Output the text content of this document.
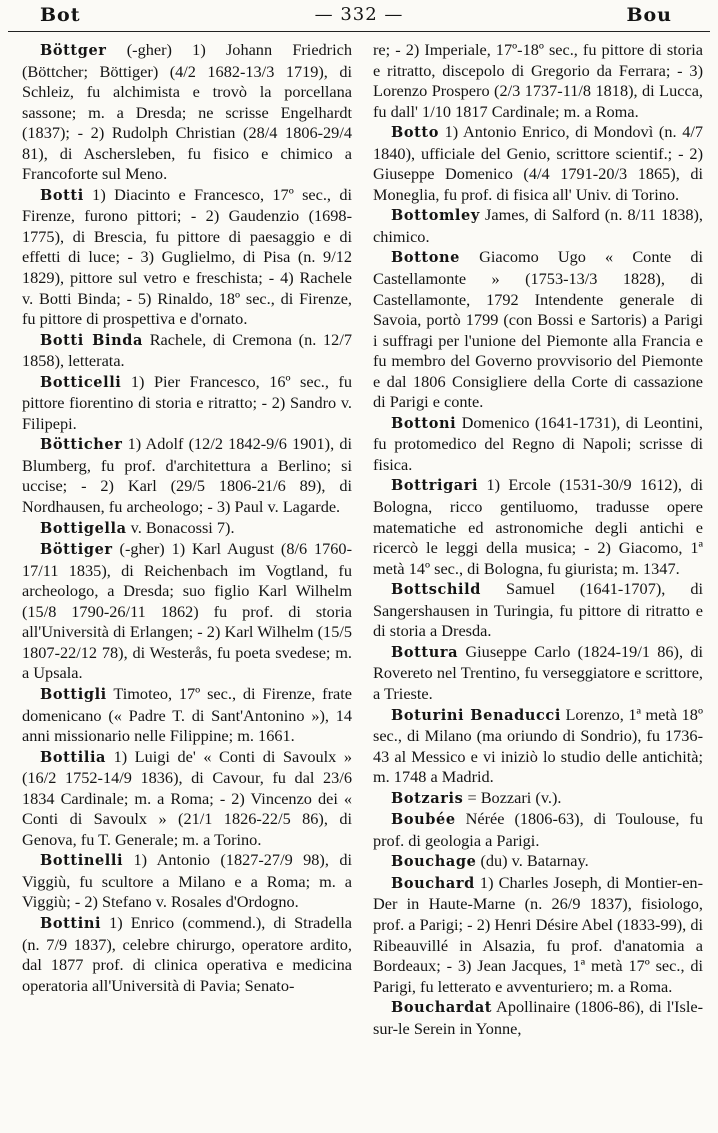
Bot	— 332 —	Bou

Böttger (-gher) 1) Johann Friedrich (Böttcher; Böttiger) (4/2 1682-13/3 1719), di Schleiz, fu alchimista e trovò la porcellana sassone; m. a Dresda; ne scrisse Engelhardt (1837); - 2) Rudolph Christian (28/4 1806-29/4 81), di Aschersleben, fu fisico e chimico a Francoforte sul Meno.

Botti 1) Diacinto e Francesco, 17º sec., di Firenze, furono pittori; - 2) Gaudenzio (1698-1775), di Brescia, fu pittore di paesaggio e di effetti di luce; - 3) Guglielmo, di Pisa (n. 9/12 1829), pittore sul vetro e freschista; - 4) Rachele v. Botti Binda; - 5) Rinaldo, 18º sec., di Firenze, fu pittore di prospettiva e d'ornato.

Botti Binda Rachele, di Cremona (n. 12/7 1858), letterata.

Botticelli 1) Pier Francesco, 16º sec., fu pittore fiorentino di storia e ritratto; - 2) Sandro v. Filipepi.

Böttichеr 1) Adolf (12/2 1842-9/6 1901), di Blumberg, fu prof. d'architettura a Berlino; si uccise; - 2) Karl (29/5 1806-21/6 89), di Nordhausen, fu archeologo; - 3) Paul v. Lagarde.

Bottigella v. Bonacossi 7).

Böttiger (-gher) 1) Karl August (8/6 1760-17/11 1835), di Reichenbach im Vogtland, fu archeologo, a Dresda; suo figlio Karl Wilhelm (15/8 1790-26/11 1862) fu prof. di storia all'Università di Erlangen; - 2) Karl Wilhelm (15/5 1807-22/12 78), di Westerås, fu poeta svedese; m. a Upsala.

Bottigli Timoteo, 17º sec., di Firenze, frate domenicano (« Padre T. di Sant'Antonino »), 14 anni missionario nelle Filippine; m. 1661.

Bottilia 1) Luigi de' « Conti di Savoulx » (16/2 1752-14/9 1836), di Cavour, fu dal 23/6 1834 Cardinale; m. a Roma; - 2) Vincenzo dei « Conti di Savoulx » (21/1 1826-22/5 86), di Genova, fu T. Generale; m. a Torino.

Bottinelli 1) Antonio (1827-27/9 98), di Viggiù, fu scultore a Milano e a Roma; m. a Viggiù; - 2) Stefano v. Rosales d'Ordogno.

Bottini 1) Enrico (commend.), di Stradella (n. 7/9 1837), celebre chirurgo, operatore ardito, dal 1877 prof. di clinica operativa e medicina operatoria all'Università di Pavia; Senato-

re; - 2) Imperiale, 17º-18º sec., fu pittore di storia e ritratto, discepolo di Gregorio da Ferrara; - 3) Lorenzo Prospero (2/3 1737-11/8 1818), di Lucca, fu dall' 1/10 1817 Cardinale; m. a Roma.

Botto 1) Antonio Enrico, di Mondovì (n. 4/7 1840), ufficiale del Genio, scrittore scientif.; - 2) Giuseppe Domenico (4/4 1791-20/3 1865), di Moneglia, fu prof. di fisica all' Univ. di Torino.

Bottomley James, di Salford (n. 8/11 1838), chimico.

Bottone Giacomo Ugo « Conte di Castellamonte » (1753-13/3 1828), di Castellamonte, 1792 Intendente generale di Savoia, portò 1799 (con Bossi e Sartoris) a Parigi i suffragi per l'unione del Piemonte alla Francia e fu membro del Governo provvisorio del Piemonte e dal 1806 Consigliere della Corte di cassazione di Parigi e conte.

Bottoni Domenico (1641-1731), di Leontini, fu protomedico del Regno di Napoli; scrisse di fisica.

Bottrigari 1) Ercole (1531-30/9 1612), di Bologna, ricco gentiluomo, tradusse opere matematiche ed astronomiche degli antichi e ricercò le leggi della musica; - 2) Giacomo, 1ª metà 14º sec., di Bologna, fu giurista; m. 1347.

Bottschild Samuel (1641-1707), di Sangershausen in Turingia, fu pittore di ritratto e di storia a Dresda.

Bottura Giuseppe Carlo (1824-19/1 86), di Rovereto nel Trentino, fu verseggiatore e scrittore, a Trieste.

Boturini Benaducci Lorenzo, 1ª metà 18º sec., di Milano (ma oriundo di Sondrio), fu 1736-43 al Messico e vi iniziò lo studio delle antichità; m. 1748 a Madrid.

Botzaris = Bozzari (v.).

Boubée Nérée (1806-63), di Toulouse, fu prof. di geologia a Parigi.

Bouchage (du) v. Batarnay.

Bouchard 1) Charles Joseph, di Montier-en-Der in Haute-Marne (n. 26/9 1837), fisiologo, prof. a Parigi; - 2) Henri Désire Abel (1833-99), di Ribeauvillé in Alsazia, fu prof. d'anatomia a Bordeaux; - 3) Jean Jacques, 1ª metà 17º sec., di Parigi, fu letterato e avventuriero; m. a Roma.

Bouchardat Apollinaire (1806-86), di l'Isle-sur-le Serein in Yonne,
